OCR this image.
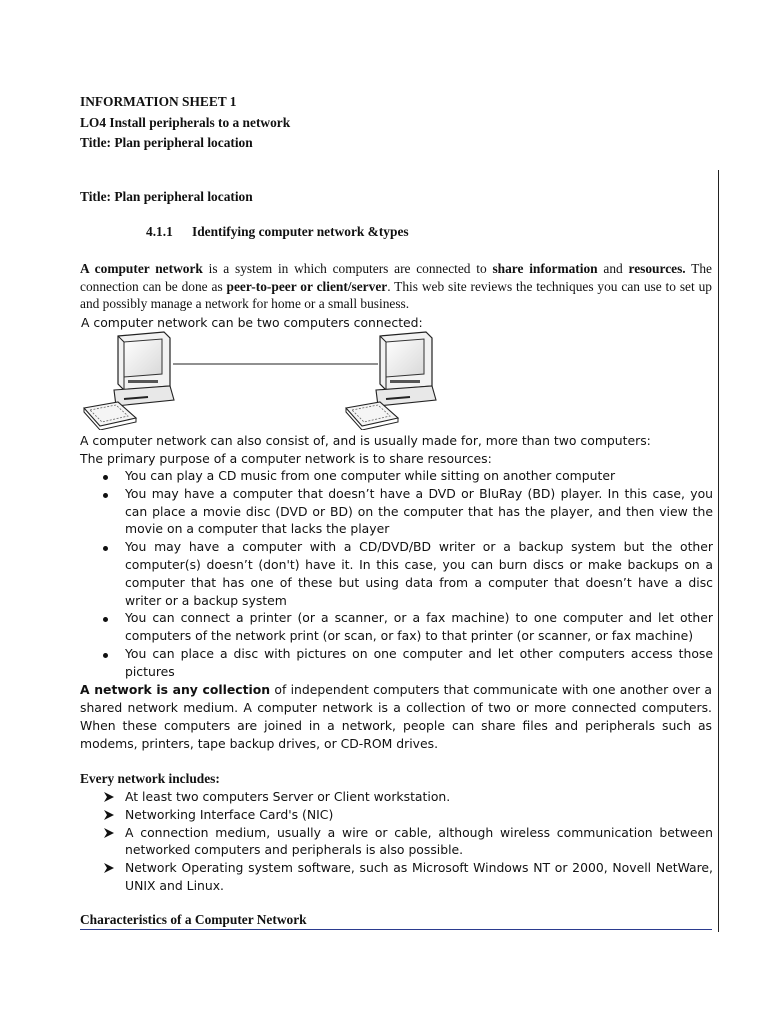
INFORMATION SHEET 1
LO4 Install peripherals to a network
Title: Plan peripheral location
Title: Plan peripheral location
4.1.1 Identifying computer network &types
A computer network is a system in which computers are connected to share information and resources. The connection can be done as peer-to-peer or client/server. This web site reviews the techniques you can use to set up and possibly manage a network for home or a small business.
A computer network can be two computers connected:
A computer network can also consist of, and is usually made for, more than two computers:
The primary purpose of a computer network is to share resources:
You can play a CD music from one computer while sitting on another computer
You may have a computer that doesn’t have a DVD or BluRay (BD) player. In this case, you can place a movie disc (DVD or BD) on the computer that has the player, and then view the movie on a computer that lacks the player
You may have a computer with a CD/DVD/BD writer or a backup system but the other computer(s) doesn’t (don't) have it. In this case, you can burn discs or make backups on a computer that has one of these but using data from a computer that doesn’t have a disc writer or a backup system
You can connect a printer (or a scanner, or a fax machine) to one computer and let other computers of the network print (or scan, or fax) to that printer (or scanner, or fax machine)
You can place a disc with pictures on one computer and let other computers access those pictures
A network is any collection of independent computers that communicate with one another over a shared network medium. A computer network is a collection of two or more connected computers. When these computers are joined in a network, people can share files and peripherals such as modems, printers, tape backup drives, or CD-ROM drives.
Every network includes:
At least two computers Server or Client workstation.
Networking Interface Card's (NIC)
A connection medium, usually a wire or cable, although wireless communication between networked computers and peripherals is also possible.
Network Operating system software, such as Microsoft Windows NT or 2000, Novell NetWare, UNIX and Linux.
Characteristics of a Computer Network
